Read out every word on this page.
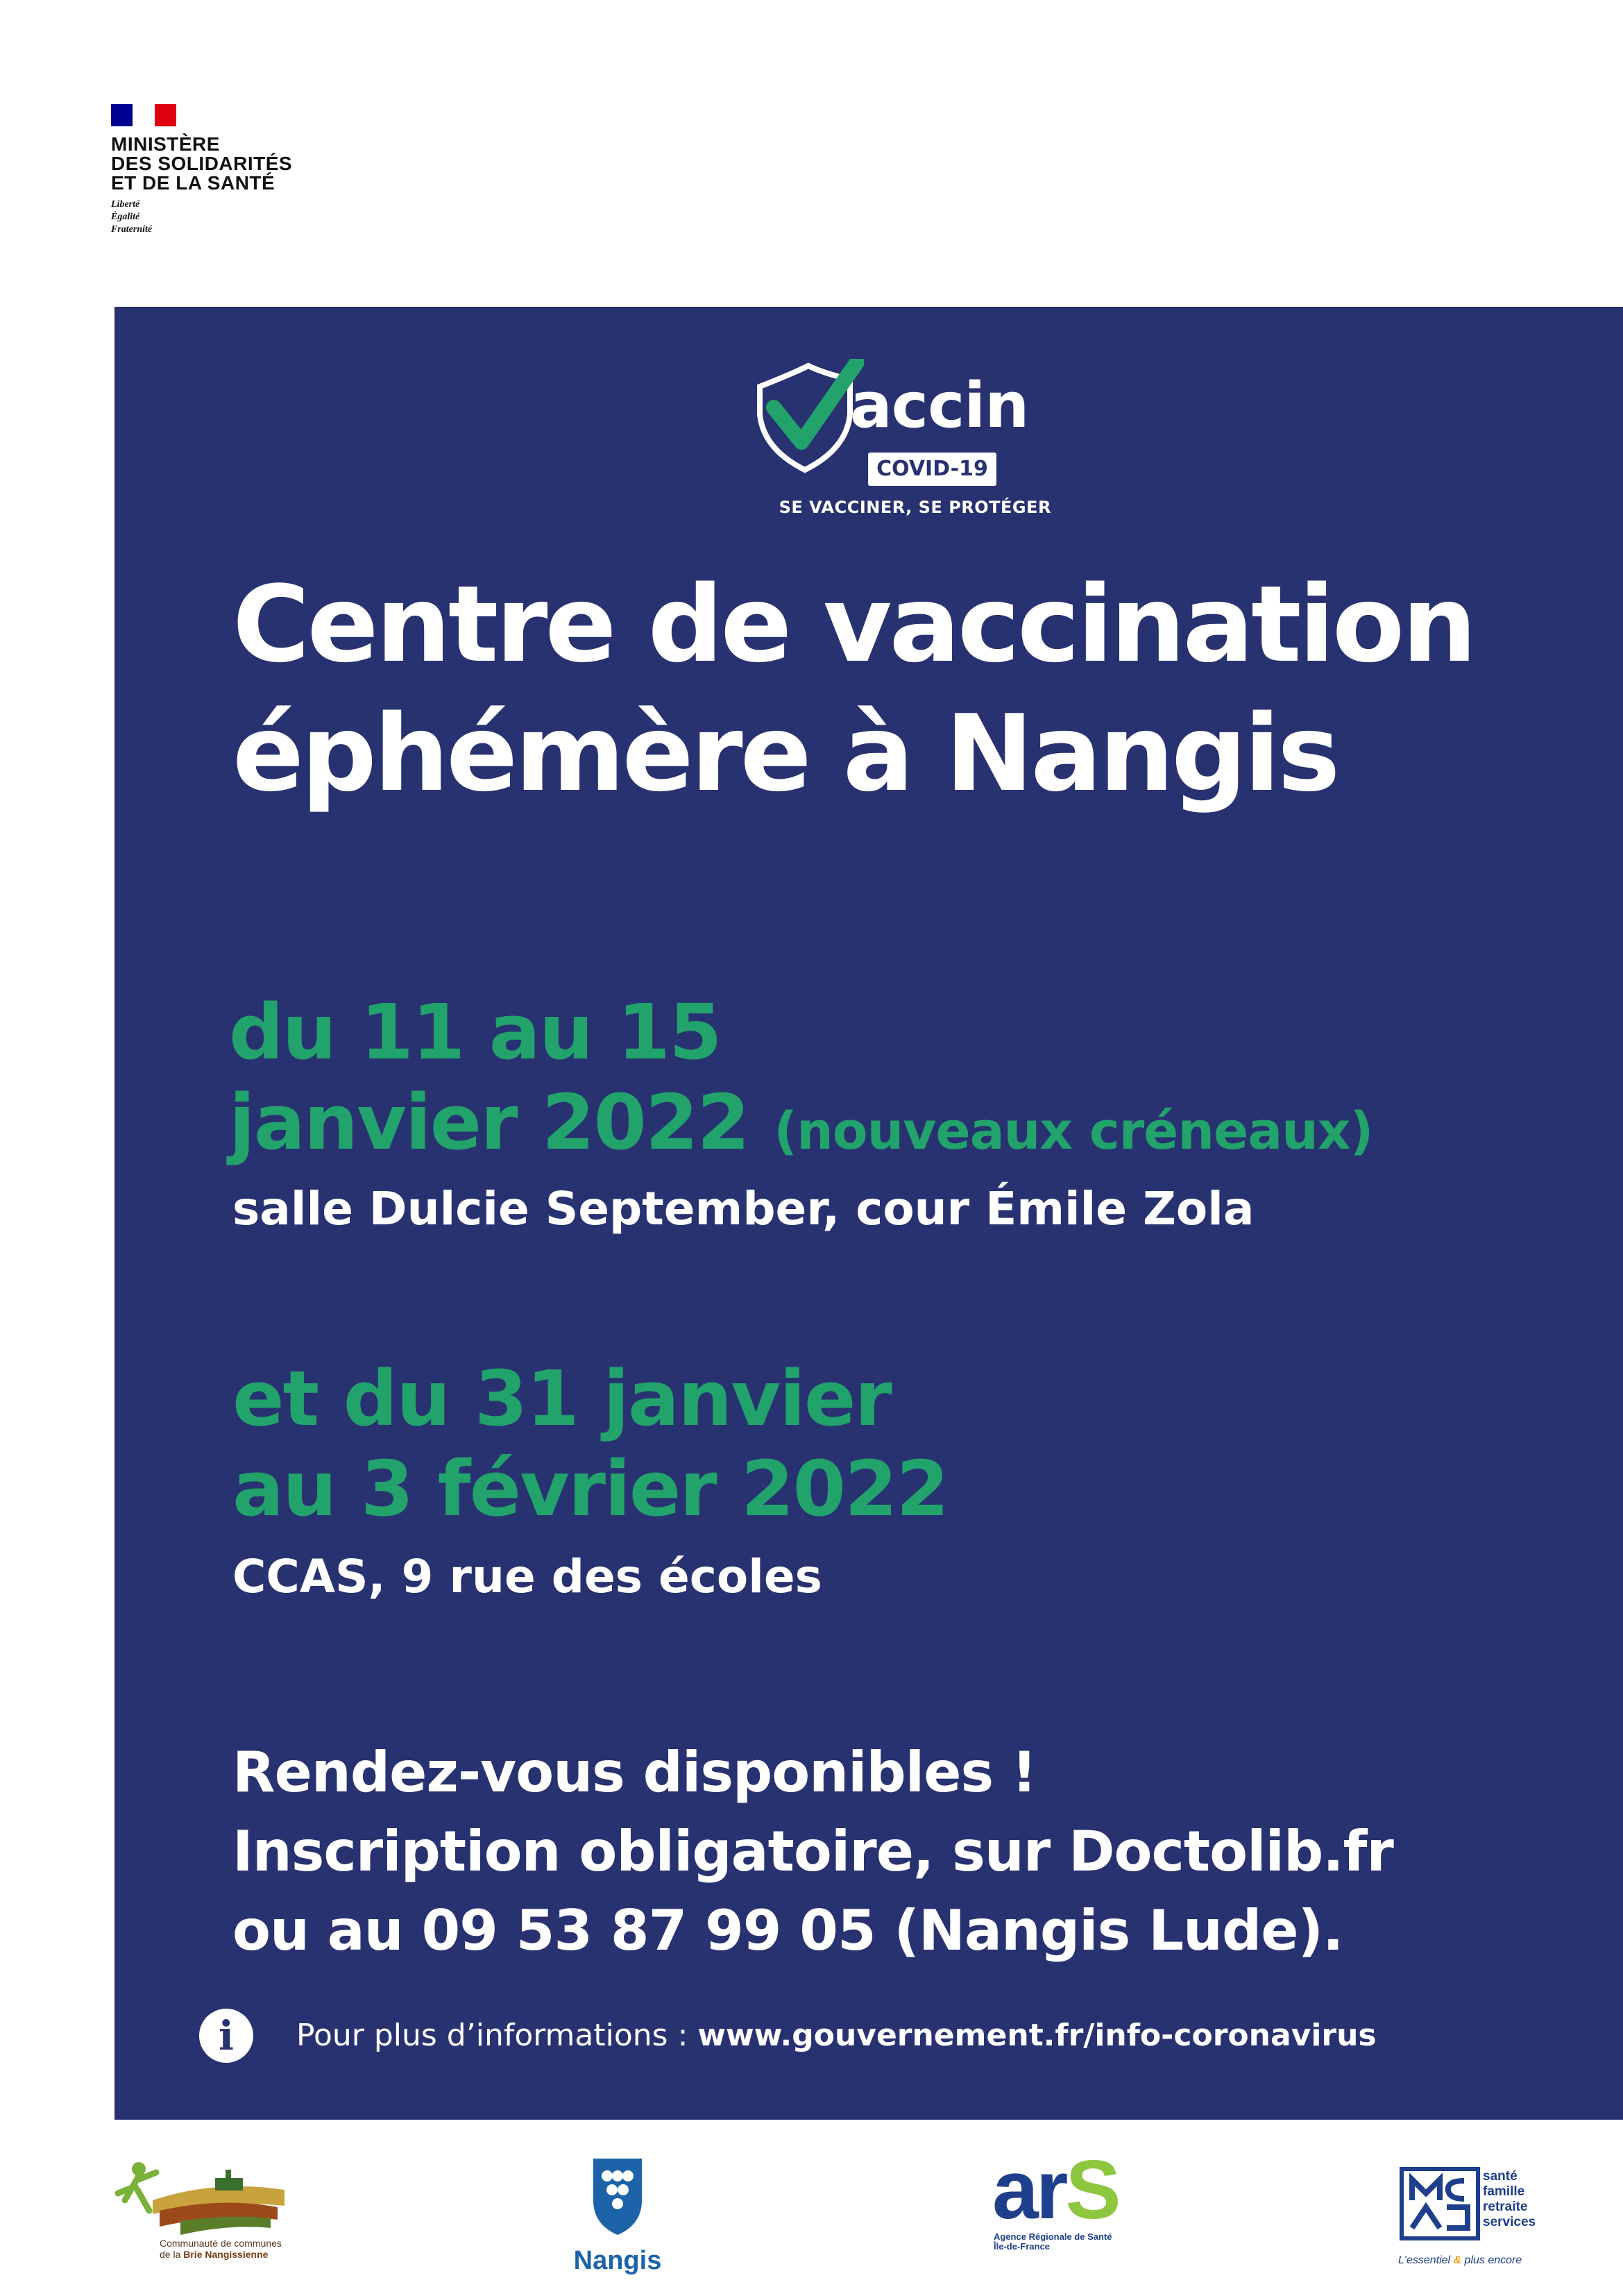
MINISTÈRE
DES SOLIDARITÉS
ET DE LA SANTÉ
Liberté
Égalité
Fraternité
accin
COVID-19
SE VACCINER, SE PROTÉGER
Centre de vaccination
éphémère à Nangis
du 11 au 15
janvier 2022 (nouveaux créneaux)
salle Dulcie September, cour Émile Zola
et du 31 janvier
au 3 février 2022
CCAS, 9 rue des écoles
Rendez-vous disponibles !
Inscription obligatoire, sur Doctolib.fr
ou au 09 53 87 99 05 (Nangis Lude).
i	Pour plus d’informations : www.gouvernement.fr/info-coronavirus
Communauté de communes
de la Brie Nangissienne	Nangis
arS
Agence Régionale de Santé
Île-de-France
santé
famille
retraite
services
L'essentiel & plus encore
